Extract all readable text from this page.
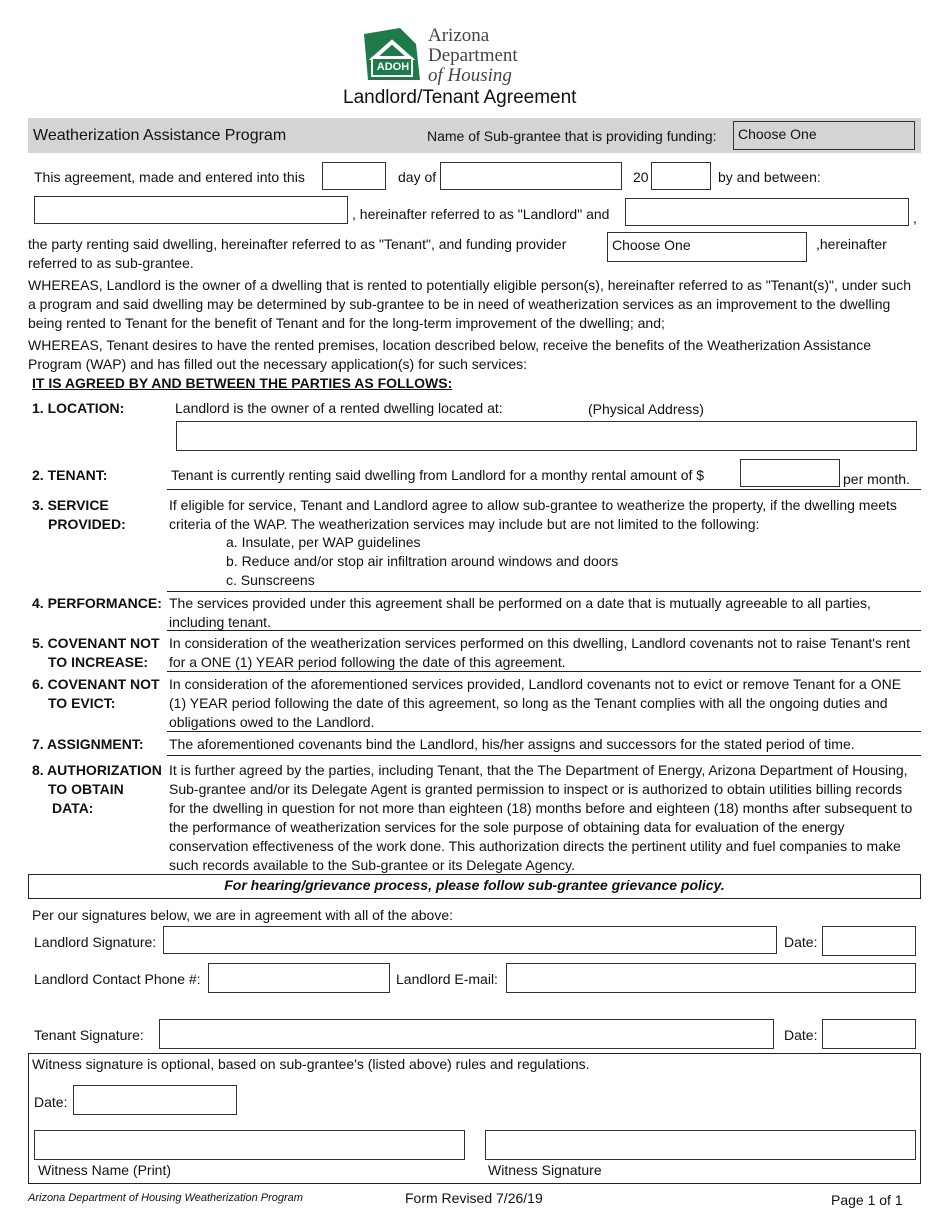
ADOH
Arizona
Department
of Housing
Landlord/Tenant Agreement
Weatherization Assistance Program	Name of Sub-grantee that is providing funding:	Choose One
This agreement, made and entered into this	day of	20	by and between:
, hereinafter referred to as "Landlord" and	,
the party renting said dwelling, hereinafter referred to as "Tenant", and funding provider	Choose One	,hereinafter
referred to as sub-grantee.
WHEREAS, Landlord is the owner of a dwelling that is rented to potentially eligible person(s), hereinafter referred to as "Tenant(s)", under such a program and said dwelling may be determined by sub-grantee to be in need of weatherization services as an improvement to the dwelling being rented to Tenant for the benefit of Tenant and for the long-term improvement of the dwelling; and;
WHEREAS, Tenant desires to have the rented premises, location described below, receive the benefits of the Weatherization Assistance Program (WAP) and has filled out the necessary application(s) for such services:
IT IS AGREED BY AND BETWEEN THE PARTIES AS FOLLOWS:
1. LOCATION:	Landlord is the owner of a rented dwelling located at:	(Physical Address)
2. TENANT:	Tenant is currently renting said dwelling from Landlord for a monthy rental amount of $	per month.
3. SERVICE
PROVIDED:
If eligible for service, Tenant and Landlord agree to allow sub-grantee to weatherize the property, if the dwelling meets criteria of the WAP. The weatherization services may include but are not limited to the following:
a. Insulate, per WAP guidelines
b. Reduce and/or stop air infiltration around windows and doors
c. Sunscreens
4. PERFORMANCE: The services provided under this agreement shall be performed on a date that is mutually agreeable to all parties, including tenant.
5. COVENANT NOT
TO INCREASE:
In consideration of the weatherization services performed on this dwelling, Landlord covenants not to raise Tenant's rent for a ONE (1) YEAR period following the date of this agreement.
6. COVENANT NOT
TO EVICT:
In consideration of the aforementioned services provided, Landlord covenants not to evict or remove Tenant for a ONE (1) YEAR period following the date of this agreement, so long as the Tenant complies with all the ongoing duties and obligations owed to the Landlord.
7. ASSIGNMENT: The aforementioned covenants bind the Landlord, his/her assigns and successors for the stated period of time.
8. AUTHORIZATION
TO OBTAIN
DATA:
It is further agreed by the parties, including Tenant, that the The Department of Energy, Arizona Department of Housing, Sub-grantee and/or its Delegate Agent is granted permission to inspect or is authorized to obtain utilities billing records for the dwelling in question for not more than eighteen (18) months before and eighteen (18) months after subsequent to the performance of weatherization services for the sole purpose of obtaining data for evaluation of the energy conservation effectiveness of the work done. This authorization directs the pertinent utility and fuel companies to make such records available to the Sub-grantee or its Delegate Agency.
For hearing/grievance process, please follow sub-grantee grievance policy.
Per our signatures below, we are in agreement with all of the above:
Landlord Signature:	Date:
Landlord Contact Phone #:	Landlord E-mail:
Tenant Signature:	Date:
Witness signature is optional, based on sub-grantee's (listed above) rules and regulations.
Date:
Witness Name (Print)	Witness Signature
Arizona Department of Housing Weatherization Program	Form Revised 7/26/19	Page 1 of 1
